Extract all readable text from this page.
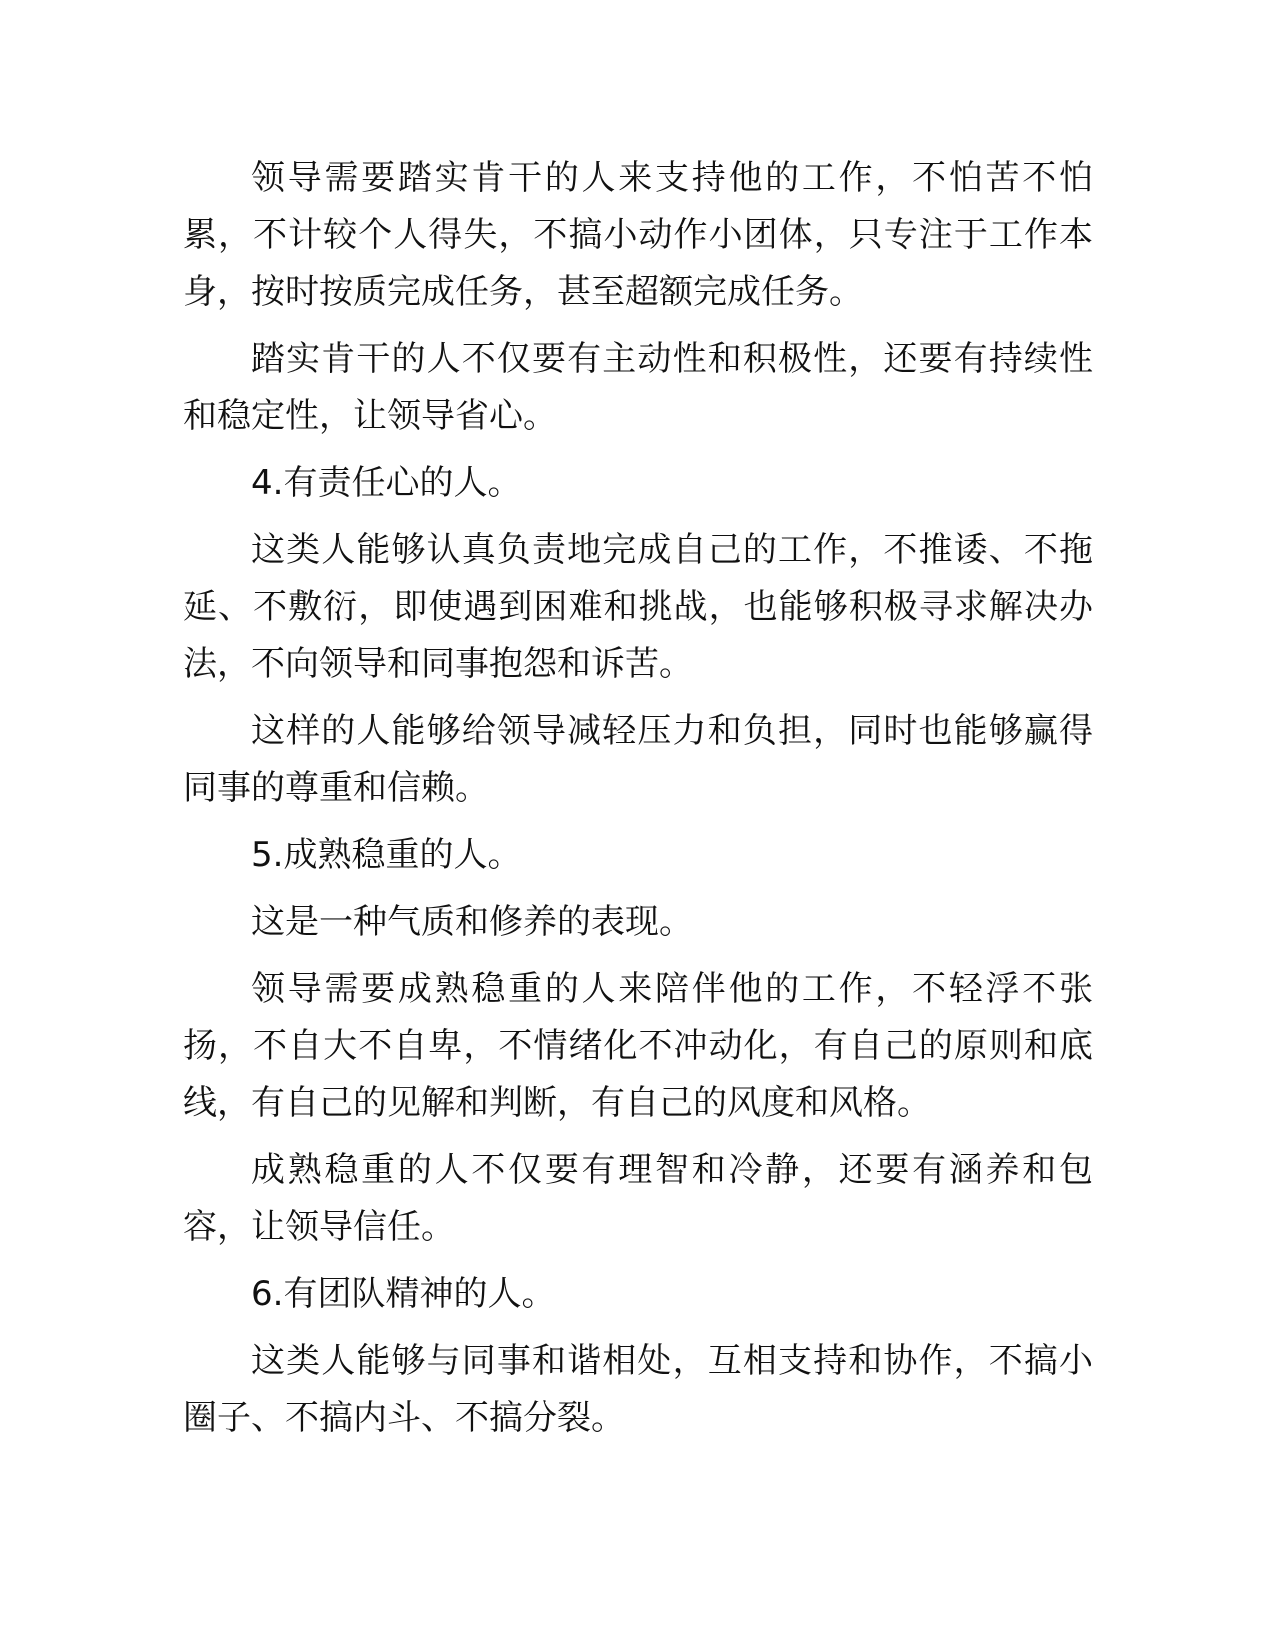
领导需要踏实肯干的人来支持他的工作，不怕苦不怕累，不计较个人得失，不搞小动作小团体，只专注于工作本身，按时按质完成任务，甚至超额完成任务。

踏实肯干的人不仅要有主动性和积极性，还要有持续性和稳定性，让领导省心。

4.有责任心的人。

这类人能够认真负责地完成自己的工作，不推诿、不拖延、不敷衍，即使遇到困难和挑战，也能够积极寻求解决办法，不向领导和同事抱怨和诉苦。

这样的人能够给领导减轻压力和负担，同时也能够赢得同事的尊重和信赖。

5.成熟稳重的人。

这是一种气质和修养的表现。

领导需要成熟稳重的人来陪伴他的工作，不轻浮不张扬，不自大不自卑，不情绪化不冲动化，有自己的原则和底线，有自己的见解和判断，有自己的风度和风格。

成熟稳重的人不仅要有理智和冷静，还要有涵养和包容，让领导信任。

6.有团队精神的人。

这类人能够与同事和谐相处，互相支持和协作，不搞小圈子、不搞内斗、不搞分裂。
